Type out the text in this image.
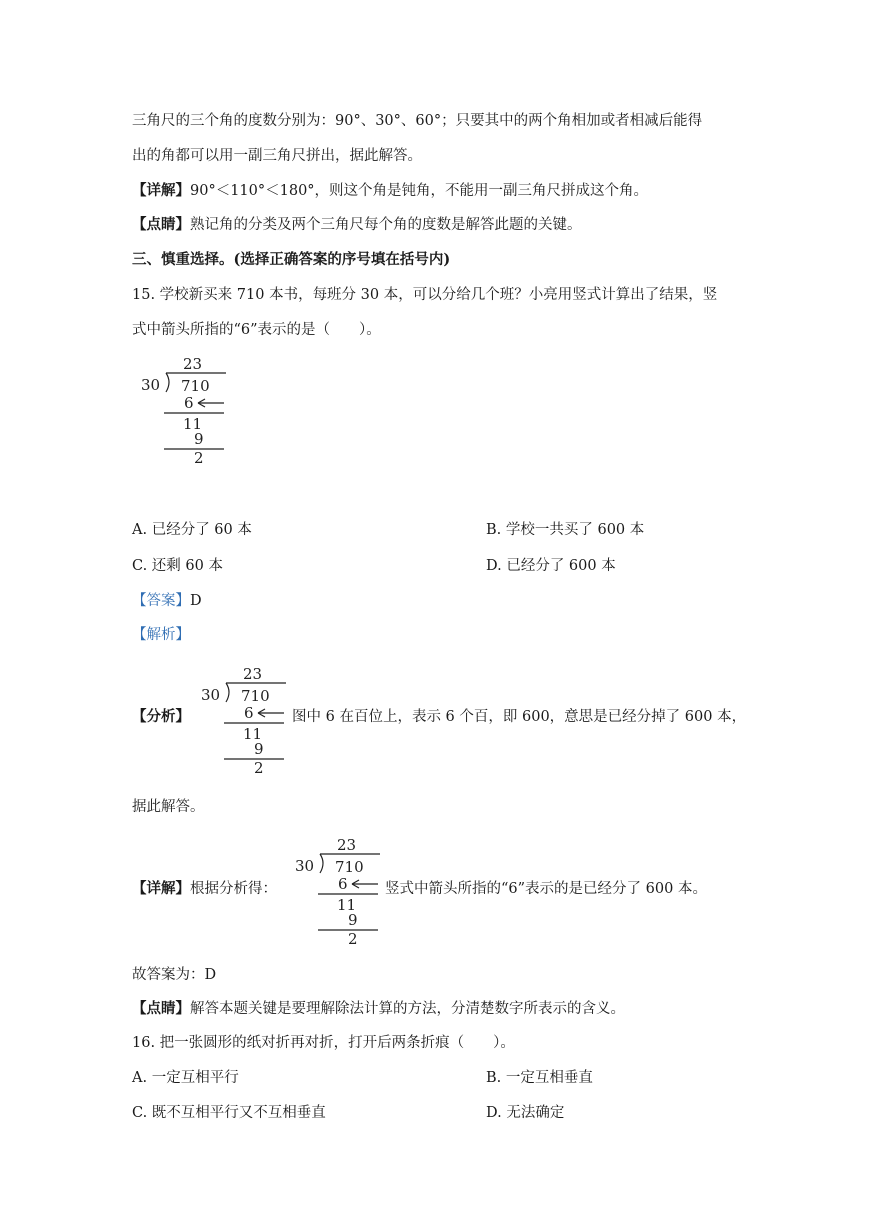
三角尺的三个角的度数分别为：90°、30°、60°；只要其中的两个角相加或者相减后能得
出的角都可以用一副三角尺拼出，据此解答。
【详解】90°＜110°＜180°，则这个角是钝角，不能用一副三角尺拼成这个角。
【点睛】熟记角的分类及两个三角尺每个角的度数是解答此题的关键。
三、慎重选择。(选择正确答案的序号填在括号内)
15. 学校新买来 710 本书，每班分 30 本，可以分给几个班？小亮用竖式计算出了结果，竖
式中箭头所指的“6”表示的是（　　）。
23
30 710
6
11
9
2
A. 已经分了 60 本	B. 学校一共买了 600 本
C. 还剩 60 本	D. 已经分了 600 本
【答案】D
【解析】
【分析】
23
30 710
6
11
9
2
图中 6 在百位上，表示 6 个百，即 600，意思是已经分掉了 600 本，
据此解答。
【详解】根据分析得：
23
30 710
6
11
9
2
竖式中箭头所指的“6”表示的是已经分了 600 本。
故答案为：D
【点睛】解答本题关键是要理解除法计算的方法，分清楚数字所表示的含义。
16. 把一张圆形的纸对折再对折，打开后两条折痕（　　）。
A. 一定互相平行	B. 一定互相垂直
C. 既不互相平行又不互相垂直	D. 无法确定
